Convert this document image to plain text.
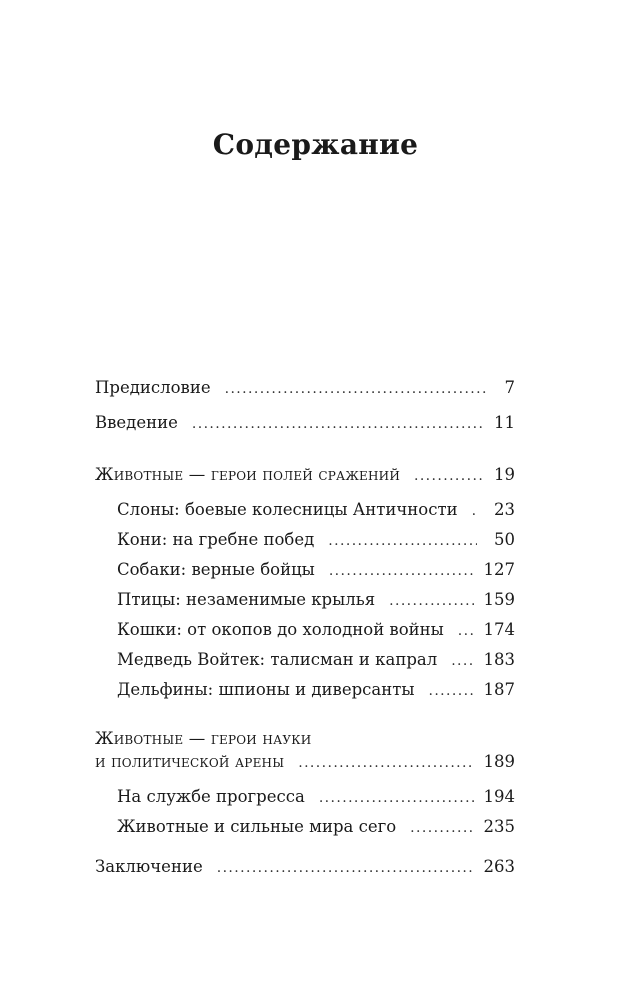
Содержание
Предисловие .....	7
Введение .....	11
Животные — герои полей сражений .....	19
Слоны: боевые колесницы Античности .....	23
Кони: на гребне побед .....	50
Собаки: верные бойцы .....	127
Птицы: незаменимые крылья .....	159
Кошки: от окопов до холодной войны ..... 174
Медведь Войтек: талисман и капрал .....	183
Дельфины: шпионы и диверсанты .....	187
Животные — герои науки
и политической арены .....	189
На службе прогресса .....	194
Животные и сильные мира сего .....	235
Заключение .....	263
